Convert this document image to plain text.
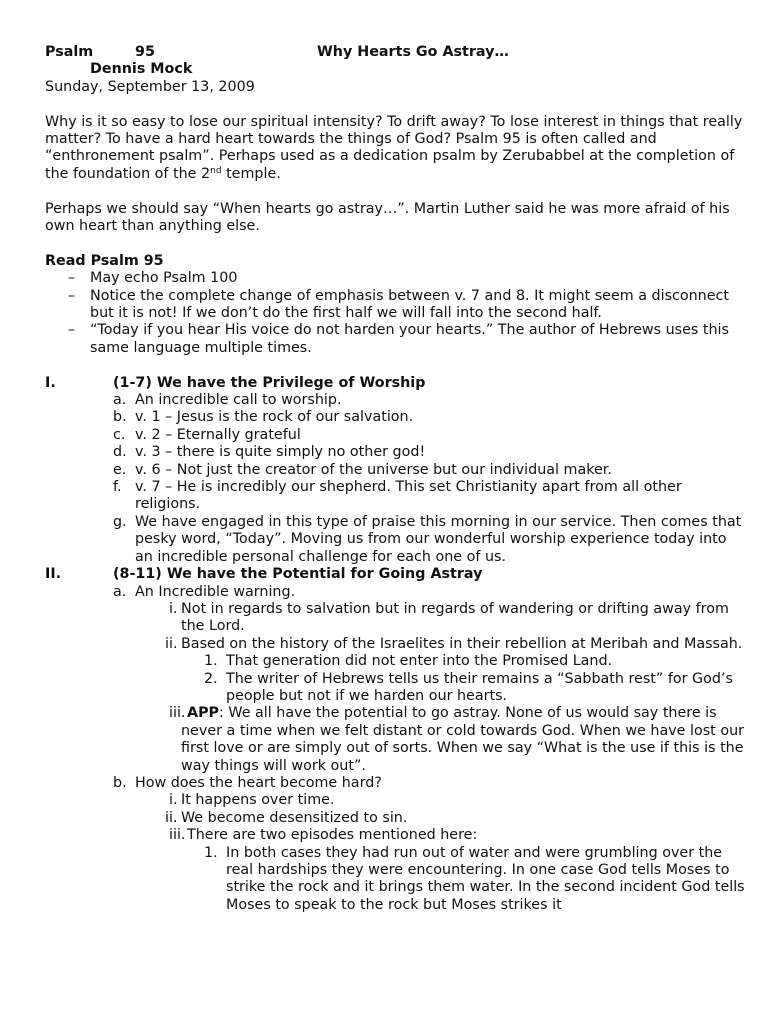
Psalm	95	Why Hearts Go Astray…

Dennis Mock

Sunday, September 13, 2009

Why is it so easy to lose our spiritual intensity? To drift away? To lose interest in things that really matter? To have a hard heart towards the things of God? Psalm 95 is often called and “enthronement psalm”. Perhaps used as a dedication psalm by Zerubabbel at the completion of the foundation of the 2nd temple.

Perhaps we should say “When hearts go astray…”. Martin Luther said he was more afraid of his own heart than anything else.

Read Psalm 95

– May echo Psalm 100
– Notice the complete change of emphasis between v. 7 and 8. It might seem a disconnect but it is not! If we don’t do the first half we will fall into the second half.
– “Today if you hear His voice do not harden your hearts.” The author of Hebrews uses this same language multiple times.
I.	(1-7) We have the Privilege of Worship
a. An incredible call to worship.
b. v. 1 – Jesus is the rock of our salvation.
c. v. 2 – Eternally grateful
d. v. 3 – there is quite simply no other god!
e. v. 6 – Not just the creator of the universe but our individual maker.
f. v. 7 – He is incredibly our shepherd. This set Christianity apart from all other religions.
g. We have engaged in this type of praise this morning in our service. Then comes that pesky word, “Today”. Moving us from our wonderful worship experience today into an incredible personal challenge for each one of us.
II.	(8-11) We have the Potential for Going Astray
a. An Incredible warning.
i. Not in regards to salvation but in regards of wandering or drifting away from the Lord.
ii. Based on the history of the Israelites in their rebellion at Meribah and Massah.
1. That generation did not enter into the Promised Land.
2. The writer of Hebrews tells us their remains a “Sabbath rest” for God’s people but not if we harden our hearts.
iii. APP: We all have the potential to go astray. None of us would say there is never a time when we felt distant or cold towards God. When we have lost our first love or are simply out of sorts. When we say “What is the use if this is the way things will work out”.
b. How does the heart become hard?
i. It happens over time.
ii. We become desensitized to sin.
iii. There are two episodes mentioned here:
1. In both cases they had run out of water and were grumbling over the real hardships they were encountering. In one case God tells Moses to strike the rock and it brings them water. In the second incident God tells Moses to speak to the rock but Moses strikes it
